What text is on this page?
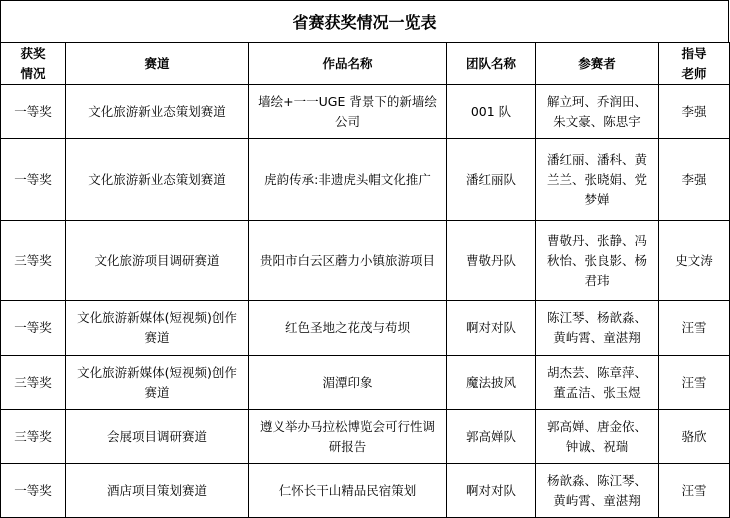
省赛获奖情况一览表
获奖情况	赛道	作品名称	团队名称	参赛者	指导老师
一等奖	文化旅游新业态策划赛道	墙绘+一一UGE 背景下的新墙绘公司	001 队	解立珂、乔润田、朱文豪、陈思宇	李强
一等奖	文化旅游新业态策划赛道	虎韵传承:非遗虎头帽文化推广	潘红丽队	潘红丽、潘科、黄兰兰、张晓娟、党梦婵	李强
三等奖	文化旅游项目调研赛道	贵阳市白云区蘑力小镇旅游项目	曹敬丹队	曹敬丹、张静、冯秋怡、张良影、杨君玮	史文涛
一等奖	文化旅游新媒体(短视频)创作赛道	红色圣地之花茂与苟坝	啊对对队	陈江琴、杨歆淼、黄屿霄、童湛翔	汪雪
三等奖	文化旅游新媒体(短视频)创作赛道	湄潭印象	魔法披风	胡杰芸、陈章萍、董孟洁、张玉煜	汪雪
三等奖	会展项目调研赛道	遵义举办马拉松博览会可行性调研报告	郭高婵队	郭高婵、唐金依、钟诚、祝瑞	骆欣
一等奖	酒店项目策划赛道	仁怀长干山精品民宿策划	啊对对队	杨歆淼、陈江琴、黄屿霄、童湛翔	汪雪
